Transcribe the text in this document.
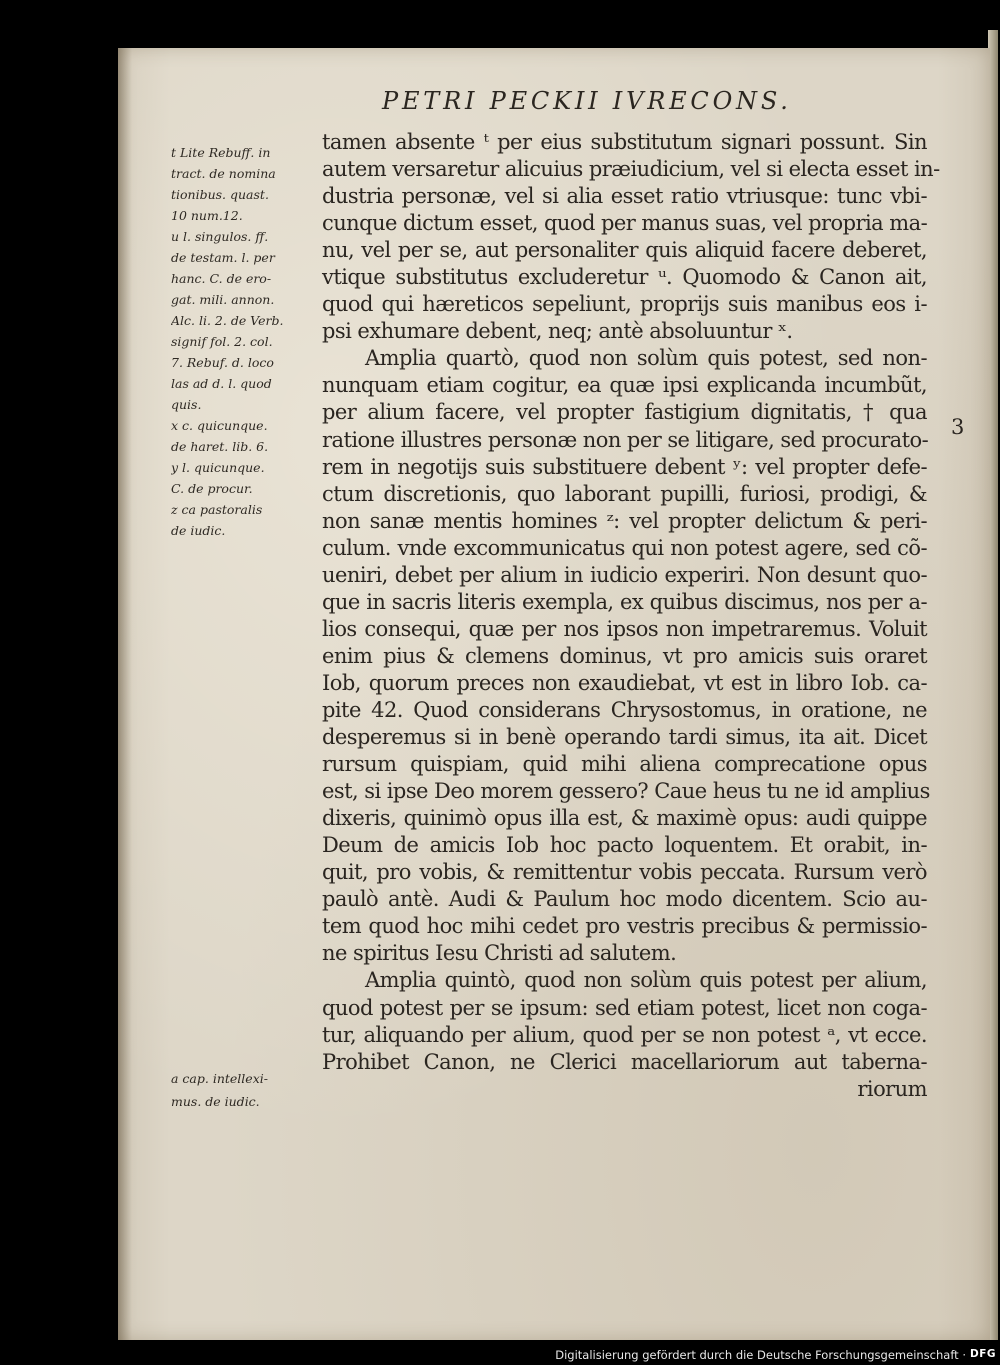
PETRI PECKII IVRECONS.
t Lite Rebuff. in
tract. de nomina
tionibus. quast.
10 num.12.
u l. singulos. ff.
de testam. l. per
hanc. C. de ero-
gat. mili. annon.
Alc. li. 2. de Verb.
signif fol. 2. col.
7. Rebuf. d. loco
las ad d. l. quod
quis.
x c. quicunque.
de haret. lib. 6.
y l. quicunque.
C. de procur.
z ca pastoralis
de iudic.
a cap. intellexi-
mus. de iudic.
tamen absente ᵗ per eius substitutum signari possunt. Sin
autem versaretur alicuius præiudicium, vel si electa esset in-
dustria personæ, vel si alia esset ratio vtriusque: tunc vbi-
cunque dictum esset, quod per manus suas, vel propria ma-
nu, vel per se, aut personaliter quis aliquid facere deberet,
vtique substitutus excluderetur ᵘ. Quomodo & Canon ait,
quod qui hæreticos sepeliunt, proprijs suis manibus eos i-
psi exhumare debent, neq; antè absoluuntur ˣ.
Amplia quartò, quod non solùm quis potest, sed non-
nunquam etiam cogitur, ea quæ ipsi explicanda incumbũt,
per alium facere, vel propter fastigium dignitatis, † qua
ratione illustres personæ non per se litigare, sed procurato-
rem in negotijs suis substituere debent ʸ: vel propter defe-
ctum discretionis, quo laborant pupilli, furiosi, prodigi, &
non sanæ mentis homines ᶻ: vel propter delictum & peri-
culum. vnde excommunicatus qui non potest agere, sed cõ-
ueniri, debet per alium in iudicio experiri. Non desunt quo-
que in sacris literis exempla, ex quibus discimus, nos per a-
lios consequi, quæ per nos ipsos non impetraremus. Voluit
enim pius & clemens dominus, vt pro amicis suis oraret
Iob, quorum preces non exaudiebat, vt est in libro Iob. ca-
pite 42. Quod considerans Chrysostomus, in oratione, ne
desperemus si in benè operando tardi simus, ita ait. Dicet
rursum quispiam, quid mihi aliena comprecatione opus
est, si ipse Deo morem gessero? Caue heus tu ne id amplius
dixeris, quinimò opus illa est, & maximè opus: audi quippe
Deum de amicis Iob hoc pacto loquentem. Et orabit, in-
quit, pro vobis, & remittentur vobis peccata. Rursum verò
paulò antè. Audi & Paulum hoc modo dicentem. Scio au-
tem quod hoc mihi cedet pro vestris precibus & permissio-
ne spiritus Iesu Christi ad salutem.
Amplia quintò, quod non solùm quis potest per alium,
quod potest per se ipsum: sed etiam potest, licet non coga-
tur, aliquando per alium, quod per se non potest ᵃ, vt ecce.
Prohibet Canon, ne Clerici macellariorum aut taberna-
riorum
3
Digitalisierung gefördert durch die Deutsche Forschungsgemeinschaft · DFG
